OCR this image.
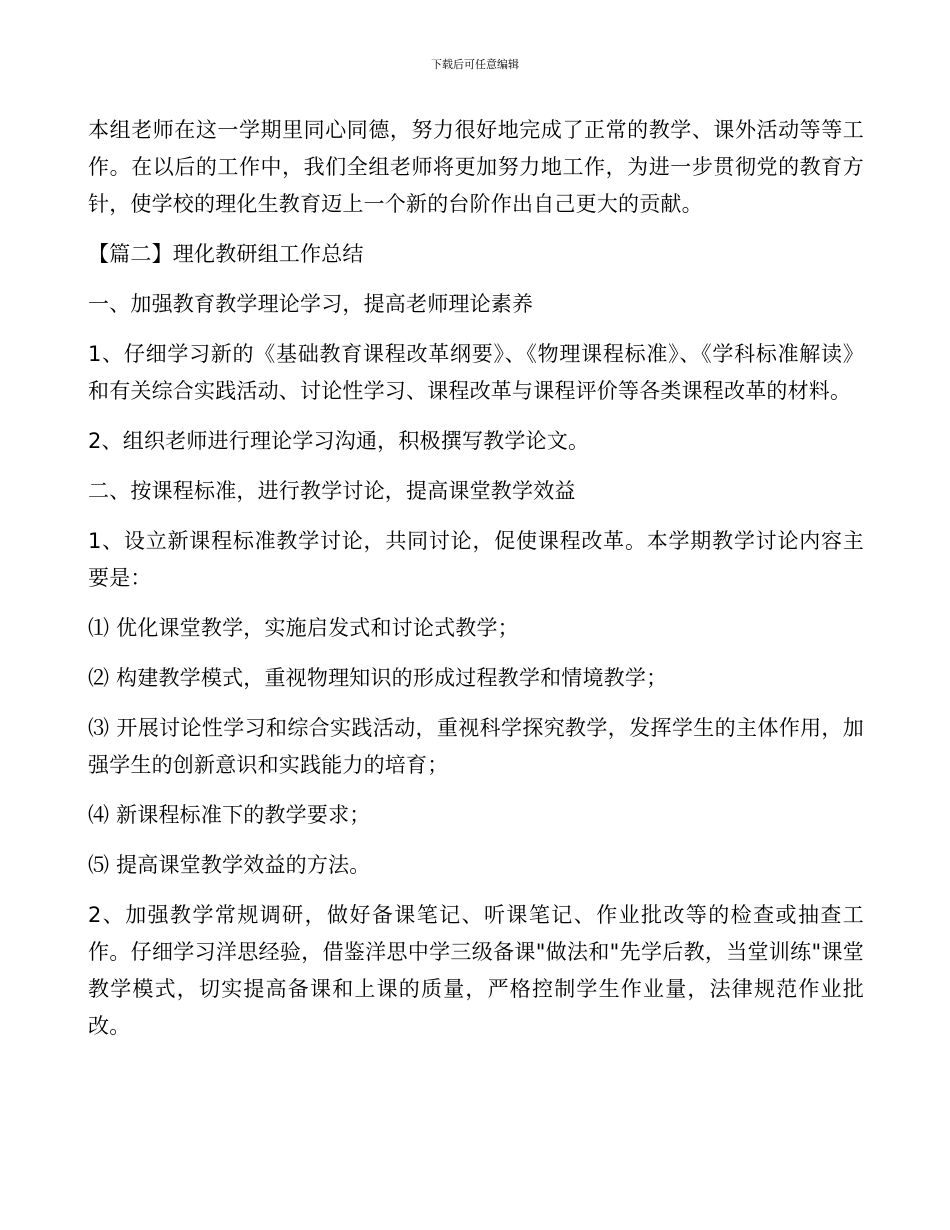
下载后可任意编辑

本组老师在这一学期里同心同德，努力很好地完成了正常的教学、课外活动等等工作。在以后的工作中，我们全组老师将更加努力地工作，为进一步贯彻党的教育方针，使学校的理化生教育迈上一个新的台阶作出自己更大的贡献。

【篇二】理化教研组工作总结

一、加强教育教学理论学习，提高老师理论素养

1、仔细学习新的《基础教育课程改革纲要》、《物理课程标准》、《学科标准解读》和有关综合实践活动、讨论性学习、课程改革与课程评价等各类课程改革的材料。

2、组织老师进行理论学习沟通，积极撰写教学论文。

二、按课程标准，进行教学讨论，提高课堂教学效益

1、设立新课程标准教学讨论，共同讨论，促使课程改革。本学期教学讨论内容主要是：

⑴ 优化课堂教学，实施启发式和讨论式教学；

⑵ 构建教学模式，重视物理知识的形成过程教学和情境教学；

⑶ 开展讨论性学习和综合实践活动，重视科学探究教学，发挥学生的主体作用，加强学生的创新意识和实践能力的培育；

⑷ 新课程标准下的教学要求；

⑸ 提高课堂教学效益的方法。

2、加强教学常规调研，做好备课笔记、听课笔记、作业批改等的检查或抽查工作。仔细学习洋思经验，借鉴洋思中学三级备课"做法和"先学后教，当堂训练"课堂教学模式，切实提高备课和上课的质量，严格控制学生作业量，法律规范作业批改。
